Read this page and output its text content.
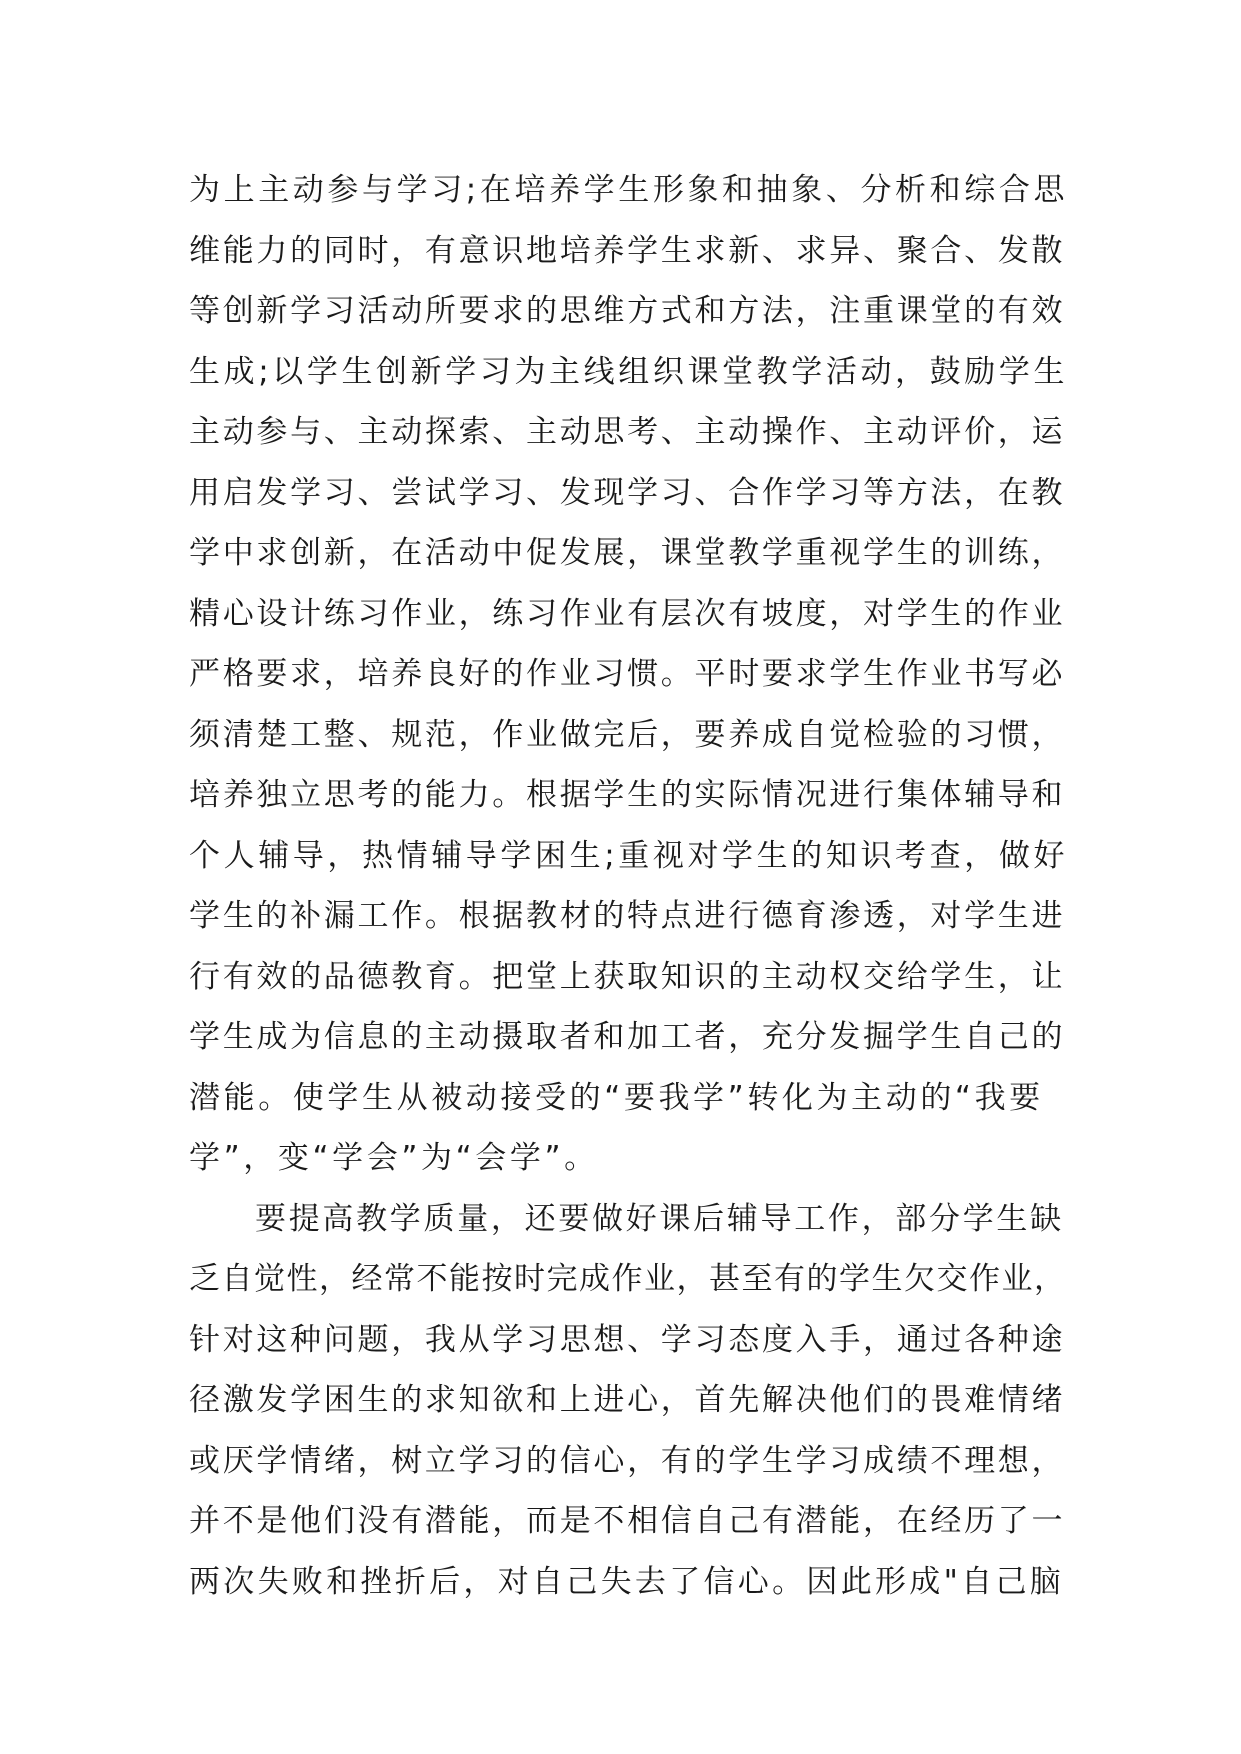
为上主动参与学习;在培养学生形象和抽象、分析和综合思
维能力的同时，有意识地培养学生求新、求异、聚合、发散
等创新学习活动所要求的思维方式和方法，注重课堂的有效
生成;以学生创新学习为主线组织课堂教学活动，鼓励学生
主动参与、主动探索、主动思考、主动操作、主动评价，运
用启发学习、尝试学习、发现学习、合作学习等方法，在教
学中求创新，在活动中促发展，课堂教学重视学生的训练，
精心设计练习作业，练习作业有层次有坡度，对学生的作业
严格要求，培养良好的作业习惯。平时要求学生作业书写必
须清楚工整、规范，作业做完后，要养成自觉检验的习惯，
培养独立思考的能力。根据学生的实际情况进行集体辅导和
个人辅导，热情辅导学困生;重视对学生的知识考查，做好
学生的补漏工作。根据教材的特点进行德育渗透，对学生进
行有效的品德教育。把堂上获取知识的主动权交给学生，让
学生成为信息的主动摄取者和加工者，充分发掘学生自己的
潜能。使学生从被动接受的“要我学”转化为主动的“我要
学”，变“学会”为“会学”。
要提高教学质量，还要做好课后辅导工作，部分学生缺
乏自觉性，经常不能按时完成作业，甚至有的学生欠交作业，
针对这种问题，我从学习思想、学习态度入手，通过各种途
径激发学困生的求知欲和上进心，首先解决他们的畏难情绪
或厌学情绪，树立学习的信心，有的学生学习成绩不理想，
并不是他们没有潜能，而是不相信自己有潜能，在经历了一
两次失败和挫折后，对自己失去了信心。因此形成"自己脑
